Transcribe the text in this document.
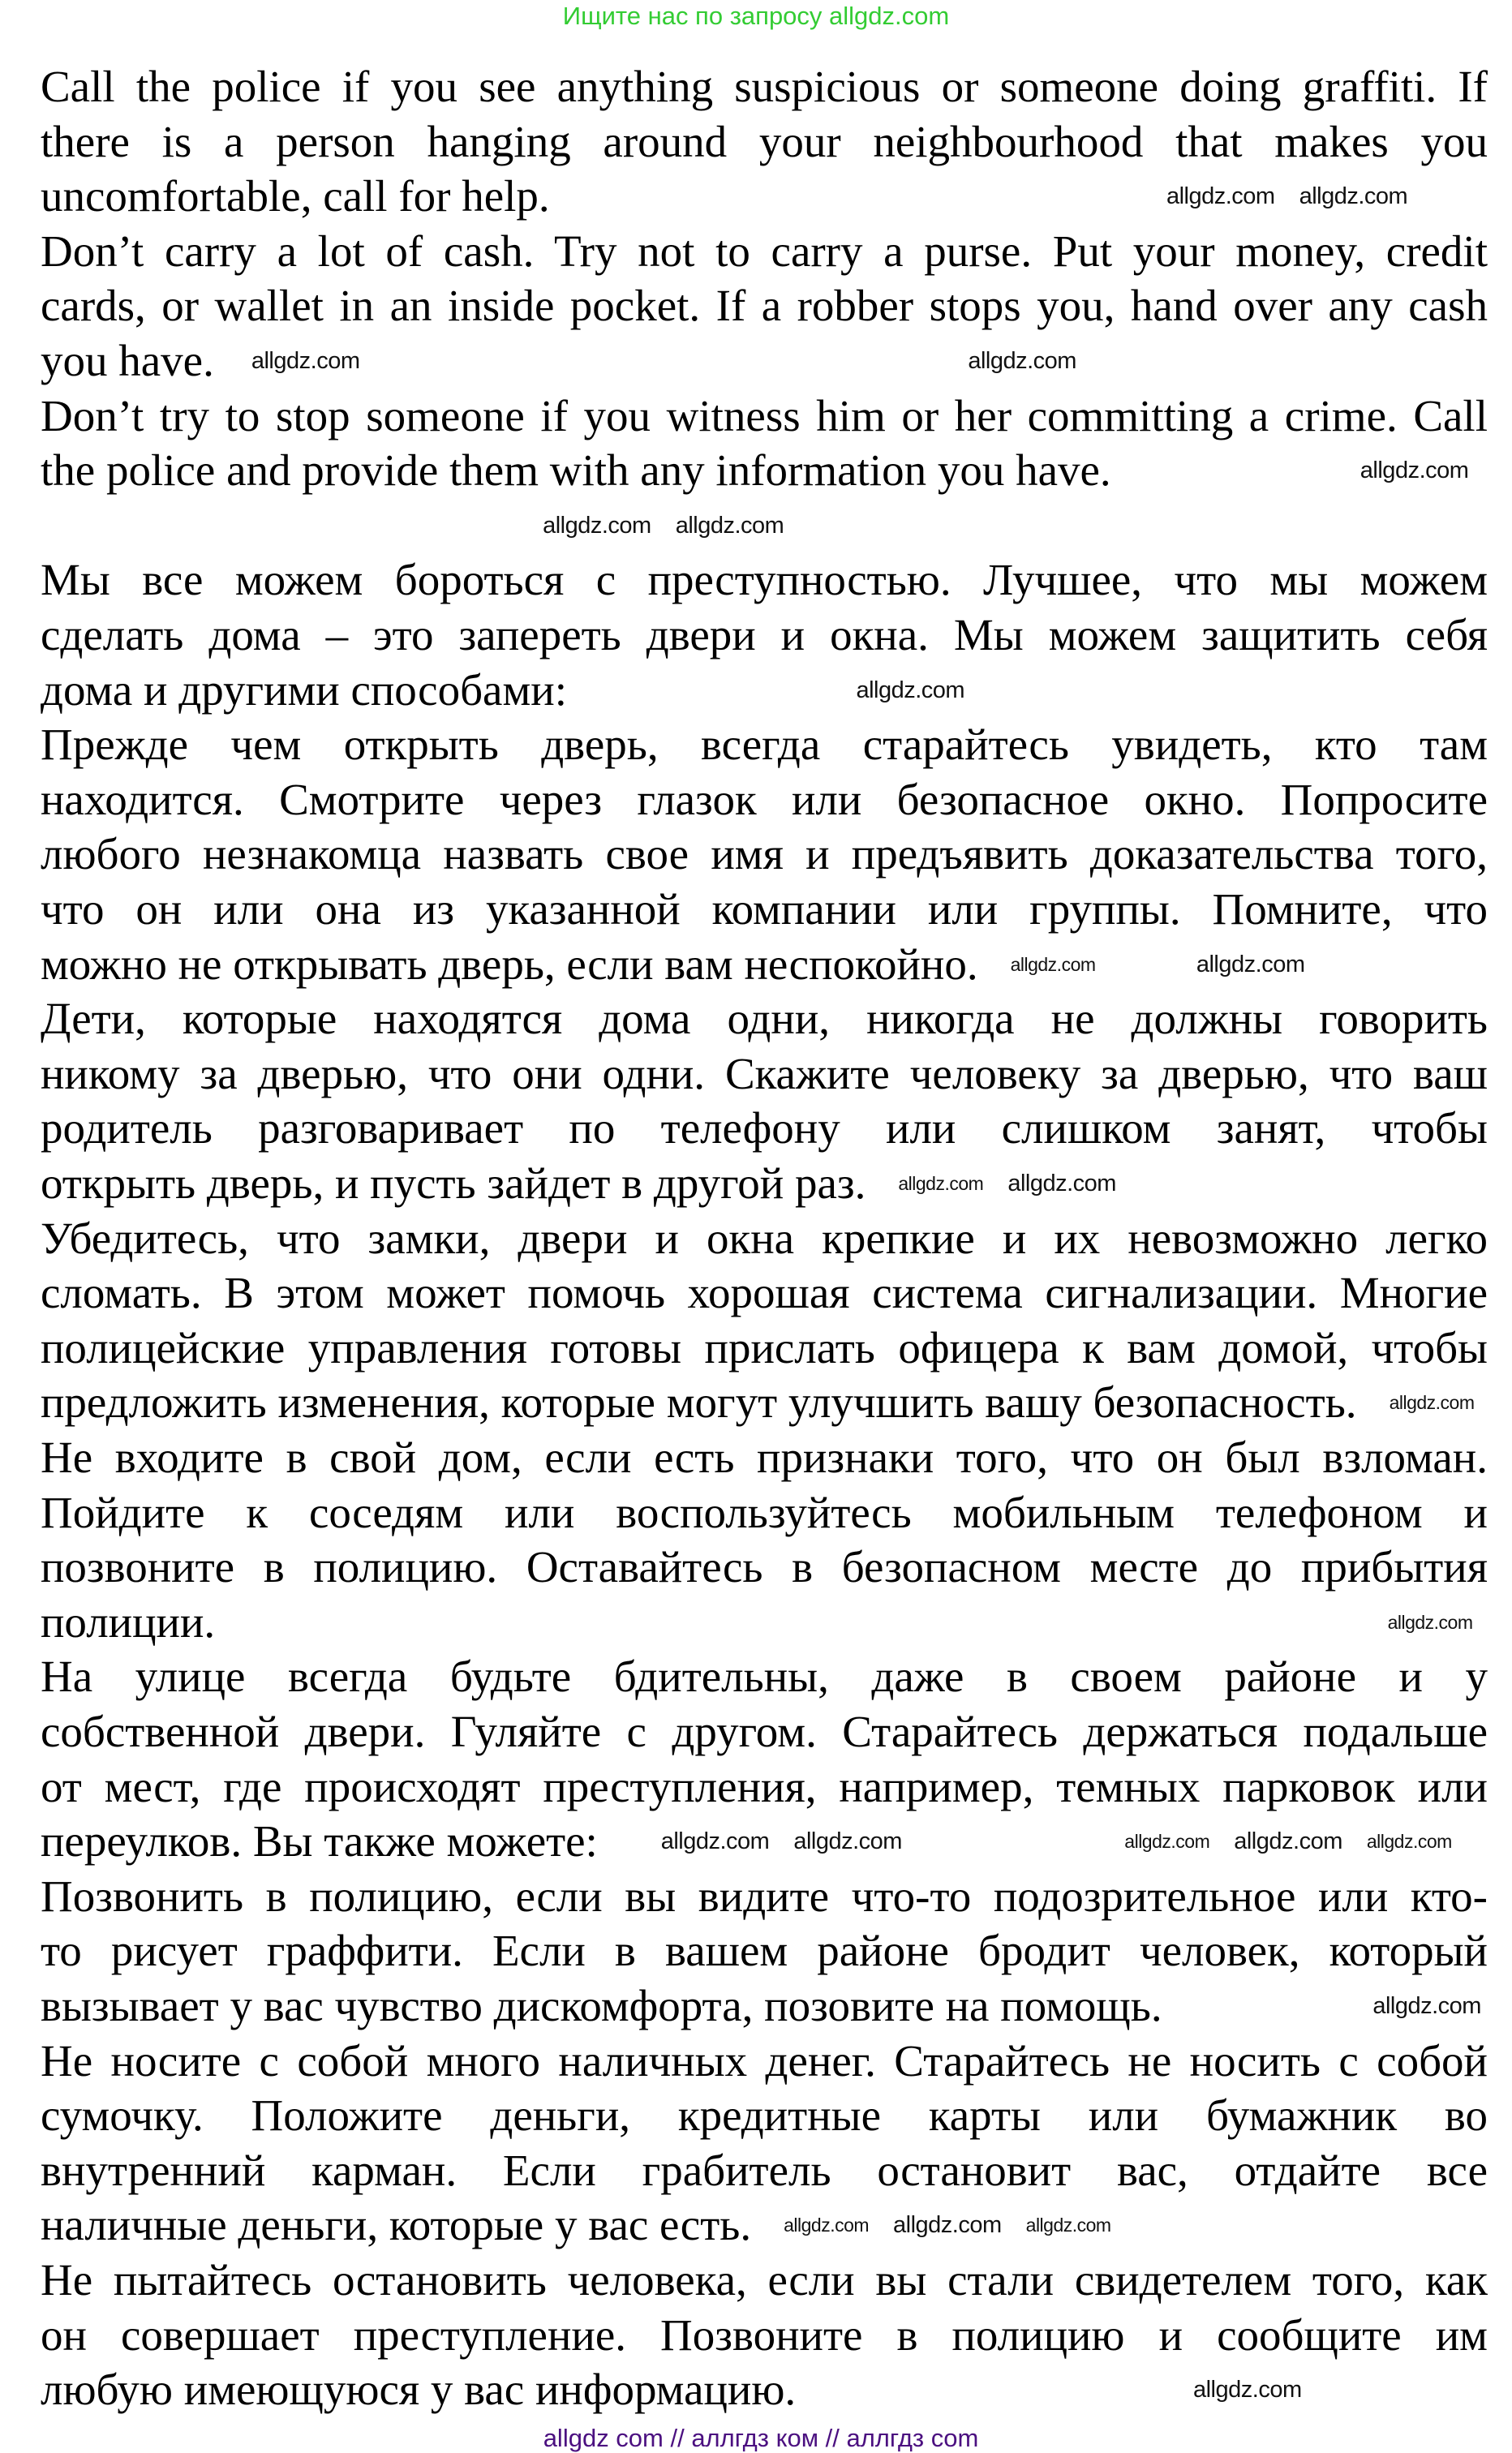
Ищите нас по запросу allgdz.com
Call the police if you see anything suspicious or someone doing graffiti. If
there is a person hanging around your neighbourhood that makes you
uncomfortable, call for help.
Don’t carry a lot of cash. Try not to carry a purse. Put your money, credit
cards, or wallet in an inside pocket. If a robber stops you, hand over any cash
you have.
Don’t try to stop someone if you witness him or her committing a crime. Call
the police and provide them with any information you have.
Мы все можем бороться с преступностью. Лучшее, что мы можем
сделать дома – это запереть двери и окна. Мы можем защитить себя
дома и другими способами:
Прежде чем открыть дверь, всегда старайтесь увидеть, кто там
находится. Смотрите через глазок или безопасное окно. Попросите
любого незнакомца назвать свое имя и предъявить доказательства того,
что он или она из указанной компании или группы. Помните, что
можно не открывать дверь, если вам неспокойно.
Дети, которые находятся дома одни, никогда не должны говорить
никому за дверью, что они одни. Скажите человеку за дверью, что ваш
родитель разговаривает по телефону или слишком занят, чтобы
открыть дверь, и пусть зайдет в другой раз.
Убедитесь, что замки, двери и окна крепкие и их невозможно легко
сломать. В этом может помочь хорошая система сигнализации. Многие
полицейские управления готовы прислать офицера к вам домой, чтобы
предложить изменения, которые могут улучшить вашу безопасность.
Не входите в свой дом, если есть признаки того, что он был взломан.
Пойдите к соседям или воспользуйтесь мобильным телефоном и
позвоните в полицию. Оставайтесь в безопасном месте до прибытия
полиции.
На улице всегда будьте бдительны, даже в своем районе и у
собственной двери. Гуляйте с другом. Старайтесь держаться подальше
от мест, где происходят преступления, например, темных парковок или
переулков. Вы также можете:
Позвонить в полицию, если вы видите что-то подозрительное или кто-
то рисует граффити. Если в вашем районе бродит человек, который
вызывает у вас чувство дискомфорта, позовите на помощь.
Не носите с собой много наличных денег. Старайтесь не носить с собой
сумочку. Положите деньги, кредитные карты или бумажник во
внутренний карман. Если грабитель остановит вас, отдайте все
наличные деньги, которые у вас есть.
Не пытайтесь остановить человека, если вы стали свидетелем того, как
он совершает преступление. Позвоните в полицию и сообщите им
любую имеющуюся у вас информацию.
allgdz.com allgdz.com
allgdz.com	allgdz.com
allgdz.com
allgdz.com allgdz.com
allgdz.com
allgdz.com	allgdz.com
allgdz.com allgdz.com
allgdz.com
allgdz.com
allgdz.com allgdz.com	allgdz.com allgdz.com allgdz.com
allgdz.com
allgdz.com allgdz.com allgdz.com
allgdz.com
allgdz com // аллгдз ком // аллгдз com
